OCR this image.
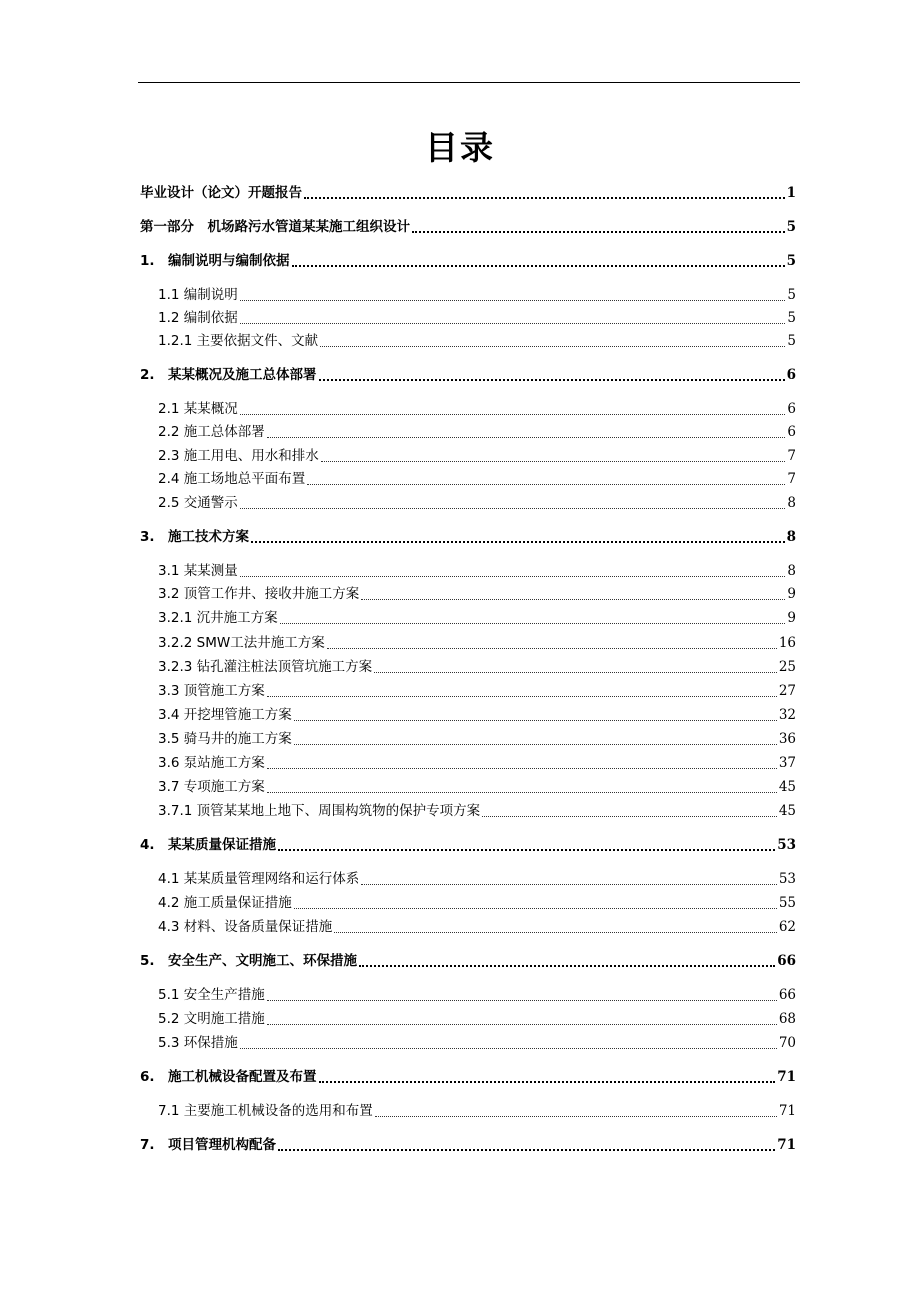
目录
毕业设计（论文）开题报告	1
第一部分　机场路污水管道某某施工组织设计	5
1.　编制说明与编制依据	5
1.1 编制说明	5
1.2 编制依据	5
1.2.1 主要依据文件、文献	5
2.　某某概况及施工总体部署	6
2.1 某某概况	6
2.2 施工总体部署	6
2.3 施工用电、用水和排水	7
2.4 施工场地总平面布置	7
2.5 交通警示	8
3.　施工技术方案	8
3.1 某某测量	8
3.2 顶管工作井、接收井施工方案	9
3.2.1 沉井施工方案	9
3.2.2 SMW工法井施工方案	16
3.2.3 钻孔灌注桩法顶管坑施工方案	25
3.3 顶管施工方案	27
3.4 开挖埋管施工方案	32
3.5 骑马井的施工方案	36
3.6 泵站施工方案	37
3.7 专项施工方案	45
3.7.1 顶管某某地上地下、周围构筑物的保护专项方案	45
4.　某某质量保证措施	53
4.1 某某质量管理网络和运行体系	53
4.2 施工质量保证措施	55
4.3 材料、设备质量保证措施	62
5.　安全生产、文明施工、环保措施	66
5.1 安全生产措施	66
5.2 文明施工措施	68
5.3 环保措施	70
6.　施工机械设备配置及布置	71
7.1 主要施工机械设备的选用和布置	71
7.　项目管理机构配备	71
